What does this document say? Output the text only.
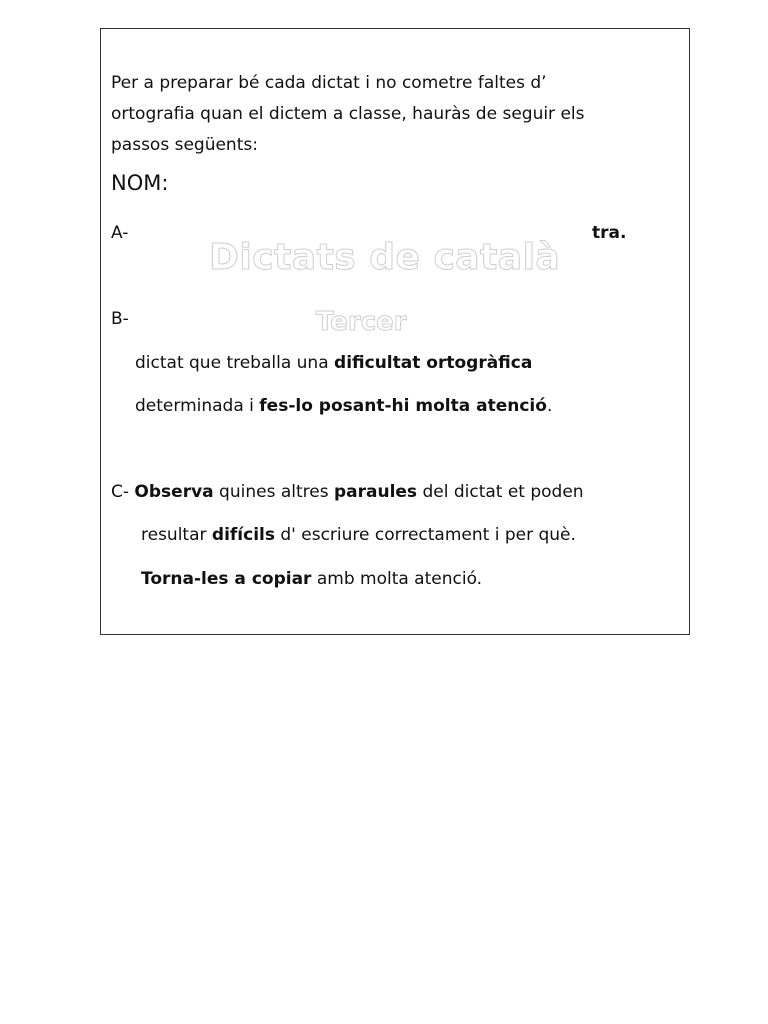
Per a preparar bé cada dictat i no cometre faltes d’
ortografia quan el dictem a classe, hauràs de seguir els
passos següents:
NOM:
A-	tra.
Dictats de català
Tercer
B-
dictat que treballa una dificultat ortogràfica
determinada i fes-lo posant-hi molta atenció.
C- Observa quines altres paraules del dictat et poden
resultar difícils d' escriure correctament i per què.
Torna-les a copiar amb molta atenció.
